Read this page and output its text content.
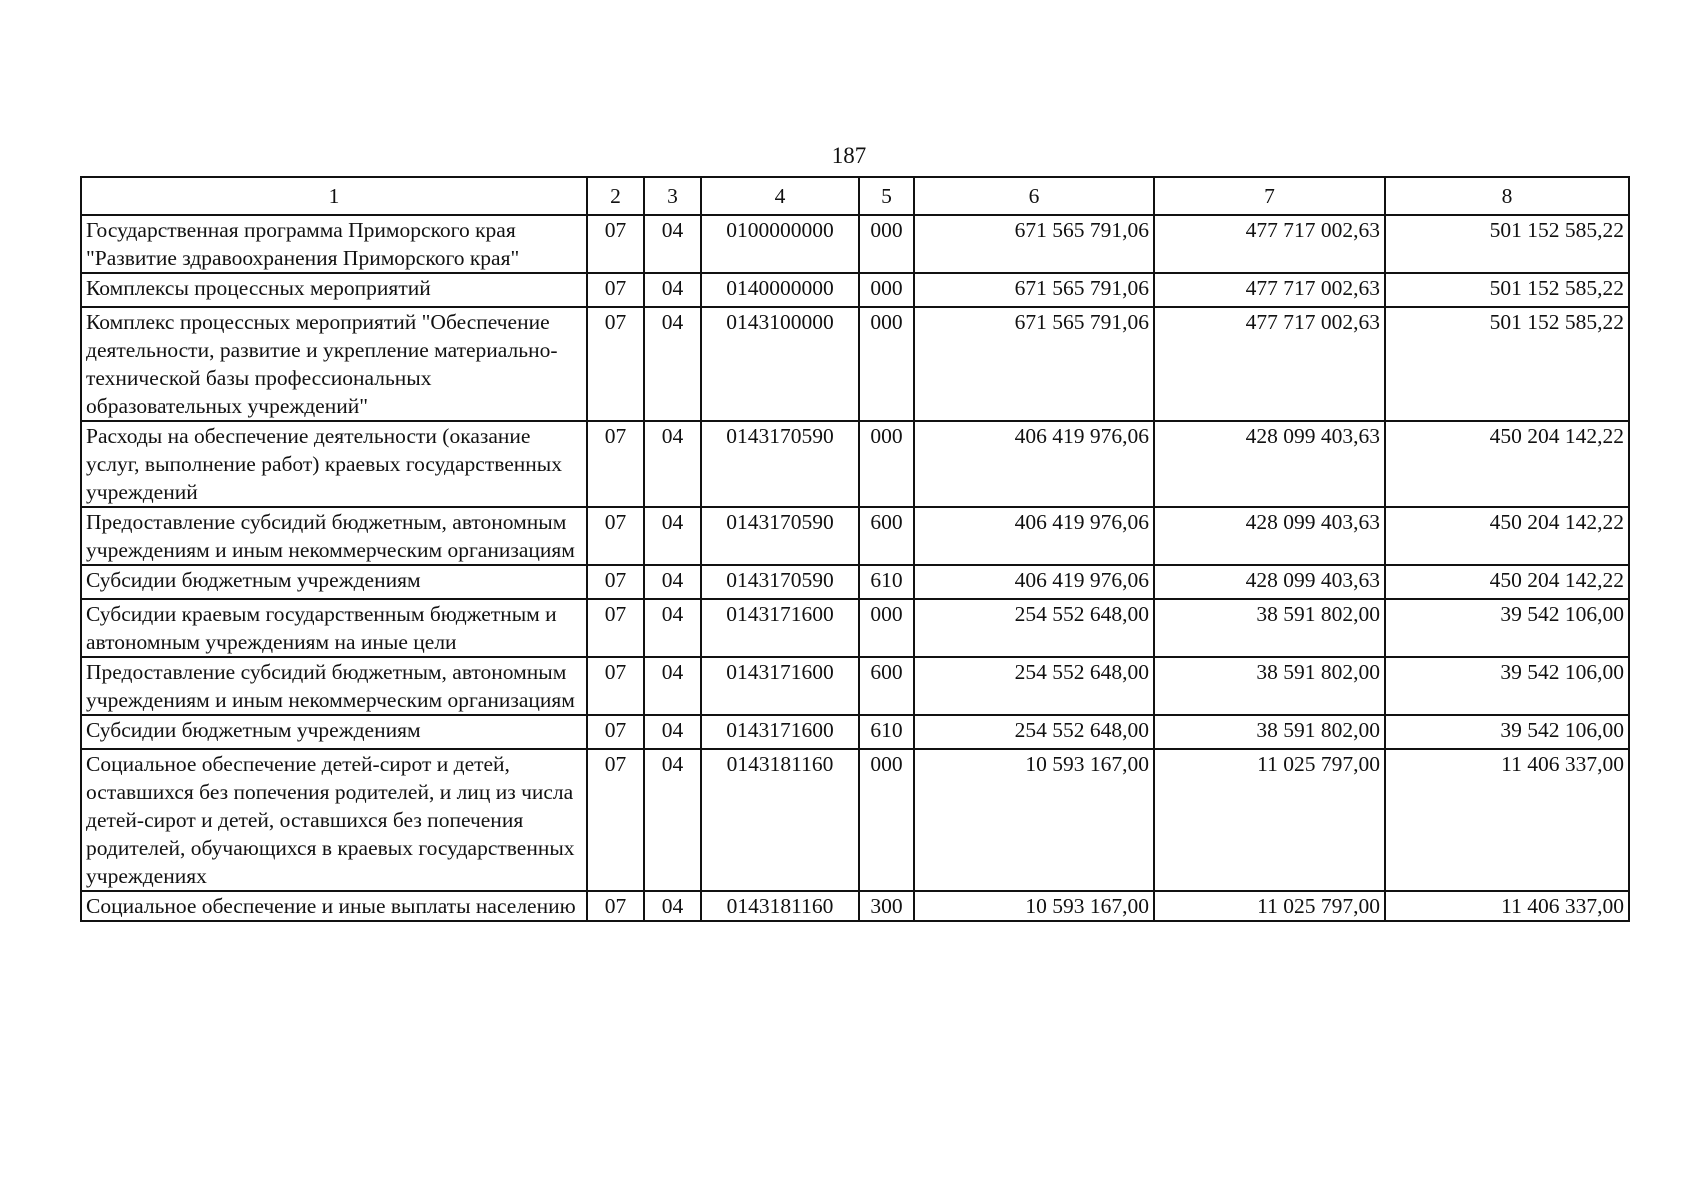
187
1	2	3	4	5	6	7	8
Государственная программа Приморского края "Развитие здравоохранения Приморского края"	07	04	0100000000	000	671 565 791,06	477 717 002,63	501 152 585,22
Комплексы процессных мероприятий	07	04	0140000000	000	671 565 791,06	477 717 002,63	501 152 585,22
Комплекс процессных мероприятий "Обеспечение деятельности, развитие и укрепление материально-технической базы профессиональных образовательных учреждений"	07	04	0143100000	000	671 565 791,06	477 717 002,63	501 152 585,22
Расходы на обеспечение деятельности (оказание услуг, выполнение работ) краевых государственных учреждений	07	04	0143170590	000	406 419 976,06	428 099 403,63	450 204 142,22
Предоставление субсидий бюджетным, автономным учреждениям и иным некоммерческим организациям	07	04	0143170590	600	406 419 976,06	428 099 403,63	450 204 142,22
Субсидии бюджетным учреждениям	07	04	0143170590	610	406 419 976,06	428 099 403,63	450 204 142,22
Субсидии краевым государственным бюджетным и автономным учреждениям на иные цели	07	04	0143171600	000	254 552 648,00	38 591 802,00	39 542 106,00
Предоставление субсидий бюджетным, автономным учреждениям и иным некоммерческим организациям	07	04	0143171600	600	254 552 648,00	38 591 802,00	39 542 106,00
Субсидии бюджетным учреждениям	07	04	0143171600	610	254 552 648,00	38 591 802,00	39 542 106,00
Социальное обеспечение детей-сирот и детей, оставшихся без попечения родителей, и лиц из числа детей-сирот и детей, оставшихся без попечения родителей, обучающихся в краевых государственных учреждениях	07	04	0143181160	000	10 593 167,00	11 025 797,00	11 406 337,00
Социальное обеспечение и иные выплаты населению	07	04	0143181160	300	10 593 167,00	11 025 797,00	11 406 337,00
